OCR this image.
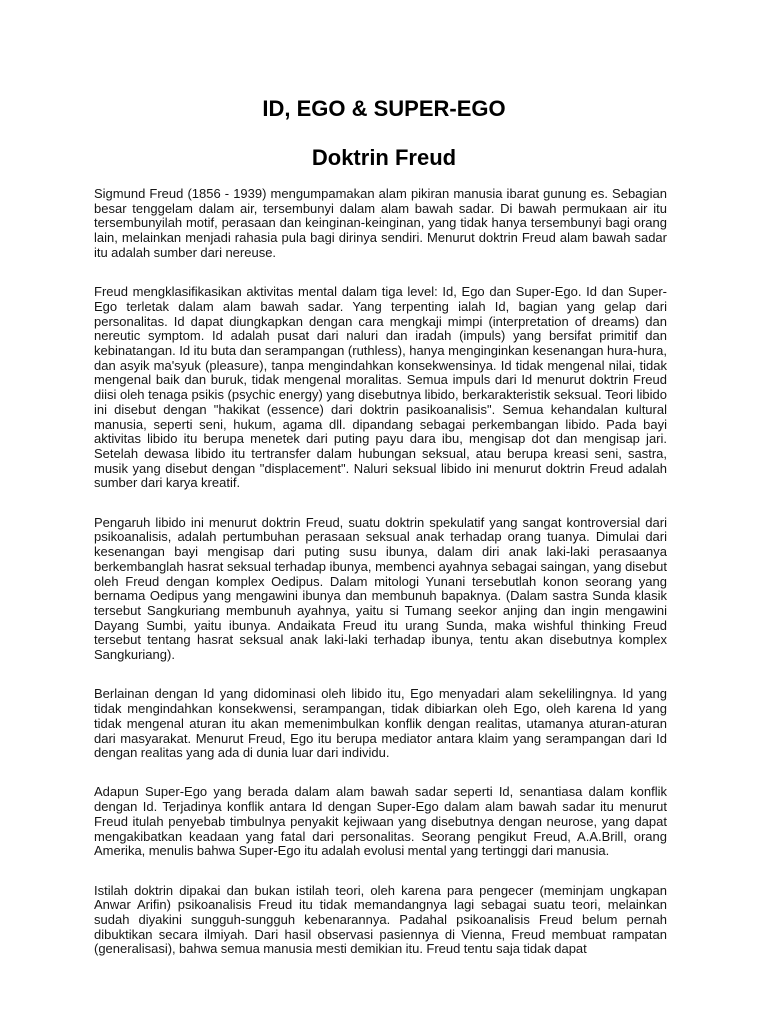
ID, EGO & SUPER-EGO
Doktrin Freud

Sigmund Freud (1856 - 1939) mengumpamakan alam pikiran manusia ibarat gunung es. Sebagian besar tenggelam dalam air, tersembunyi dalam alam bawah sadar. Di bawah permukaan air itu tersembunyilah motif, perasaan dan keinginan-keinginan, yang tidak hanya tersembunyi bagi orang lain, melainkan menjadi rahasia pula bagi dirinya sendiri. Menurut doktrin Freud alam bawah sadar itu adalah sumber dari nereuse.

Freud mengklasifikasikan aktivitas mental dalam tiga level: Id, Ego dan Super-Ego. Id dan Super-Ego terletak dalam alam bawah sadar. Yang terpenting ialah Id, bagian yang gelap dari personalitas. Id dapat diungkapkan dengan cara mengkaji mimpi (interpretation of dreams) dan nereutic symptom. Id adalah pusat dari naluri dan iradah (impuls) yang bersifat primitif dan kebinatangan. Id itu buta dan serampangan (ruthless), hanya menginginkan kesenangan hura-hura, dan asyik ma'syuk (pleasure), tanpa mengindahkan konsekwensinya. Id tidak mengenal nilai, tidak mengenal baik dan buruk, tidak mengenal moralitas. Semua impuls dari Id menurut doktrin Freud diisi oleh tenaga psikis (psychic energy) yang disebutnya libido, berkarakteristik seksual. Teori libido ini disebut dengan "hakikat (essence) dari doktrin pasikoanalisis". Semua kehandalan kultural manusia, seperti seni, hukum, agama dll. dipandang sebagai perkembangan libido. Pada bayi aktivitas libido itu berupa menetek dari puting payu dara ibu, mengisap dot dan mengisap jari. Setelah dewasa libido itu tertransfer dalam hubungan seksual, atau berupa kreasi seni, sastra, musik yang disebut dengan "displacement". Naluri seksual libido ini menurut doktrin Freud adalah sumber dari karya kreatif.

Pengaruh libido ini menurut doktrin Freud, suatu doktrin spekulatif yang sangat kontroversial dari psikoanalisis, adalah pertumbuhan perasaan seksual anak terhadap orang tuanya. Dimulai dari kesenangan bayi mengisap dari puting susu ibunya, dalam diri anak laki-laki perasaanya berkembanglah hasrat seksual terhadap ibunya, membenci ayahnya sebagai saingan, yang disebut oleh Freud dengan komplex Oedipus. Dalam mitologi Yunani tersebutlah konon seorang yang bernama Oedipus yang mengawini ibunya dan membunuh bapaknya. (Dalam sastra Sunda klasik tersebut Sangkuriang membunuh ayahnya, yaitu si Tumang seekor anjing dan ingin mengawini Dayang Sumbi, yaitu ibunya. Andaikata Freud itu urang Sunda, maka wishful thinking Freud tersebut tentang hasrat seksual anak laki-laki terhadap ibunya, tentu akan disebutnya komplex Sangkuriang).

Berlainan dengan Id yang didominasi oleh libido itu, Ego menyadari alam sekelilingnya. Id yang tidak mengindahkan konsekwensi, serampangan, tidak dibiarkan oleh Ego, oleh karena Id yang tidak mengenal aturan itu akan memenimbulkan konflik dengan realitas, utamanya aturan-aturan dari masyarakat. Menurut Freud, Ego itu berupa mediator antara klaim yang serampangan dari Id dengan realitas yang ada di dunia luar dari individu.

Adapun Super-Ego yang berada dalam alam bawah sadar seperti Id, senantiasa dalam konflik dengan Id. Terjadinya konflik antara Id dengan Super-Ego dalam alam bawah sadar itu menurut Freud itulah penyebab timbulnya penyakit kejiwaan yang disebutnya dengan neurose, yang dapat mengakibatkan keadaan yang fatal dari personalitas. Seorang pengikut Freud, A.A.Brill, orang Amerika, menulis bahwa Super-Ego itu adalah evolusi mental yang tertinggi dari manusia.

Istilah doktrin dipakai dan bukan istilah teori, oleh karena para pengecer (meminjam ungkapan Anwar Arifin) psikoanalisis Freud itu tidak memandangnya lagi sebagai suatu teori, melainkan sudah diyakini sungguh-sungguh kebenarannya. Padahal psikoanalisis Freud belum pernah dibuktikan secara ilmiyah. Dari hasil observasi pasiennya di Vienna, Freud membuat rampatan (generalisasi), bahwa semua manusia mesti demikian itu. Freud tentu saja tidak dapat
